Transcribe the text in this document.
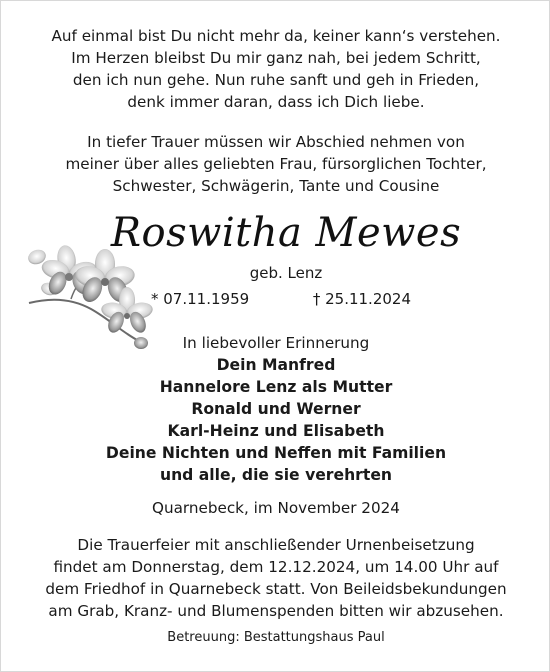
Auf einmal bist Du nicht mehr da, keiner kann‘s verstehen.
Im Herzen bleibst Du mir ganz nah, bei jedem Schritt,
den ich nun gehe. Nun ruhe sanft und geh in Frieden,
denk immer daran, dass ich Dich liebe.
In tiefer Trauer müssen wir Abschied nehmen von
meiner über alles geliebten Frau, fürsorglichen Tochter,
Schwester, Schwägerin, Tante und Cousine
Roswitha Mewes
geb. Lenz
* 07.11.1959	† 25.11.2024
In liebevoller Erinnerung
Dein Manfred
Hannelore Lenz als Mutter
Ronald und Werner
Karl-Heinz und Elisabeth
Deine Nichten und Neffen mit Familien
und alle, die sie verehrten
Quarnebeck, im November 2024
Die Trauerfeier mit anschließender Urnenbeisetzung
findet am Donnerstag, dem 12.12.2024, um 14.00 Uhr auf
dem Friedhof in Quarnebeck statt. Von Beileidsbekundungen
am Grab, Kranz- und Blumenspenden bitten wir abzusehen.
Betreuung: Bestattungshaus Paul
